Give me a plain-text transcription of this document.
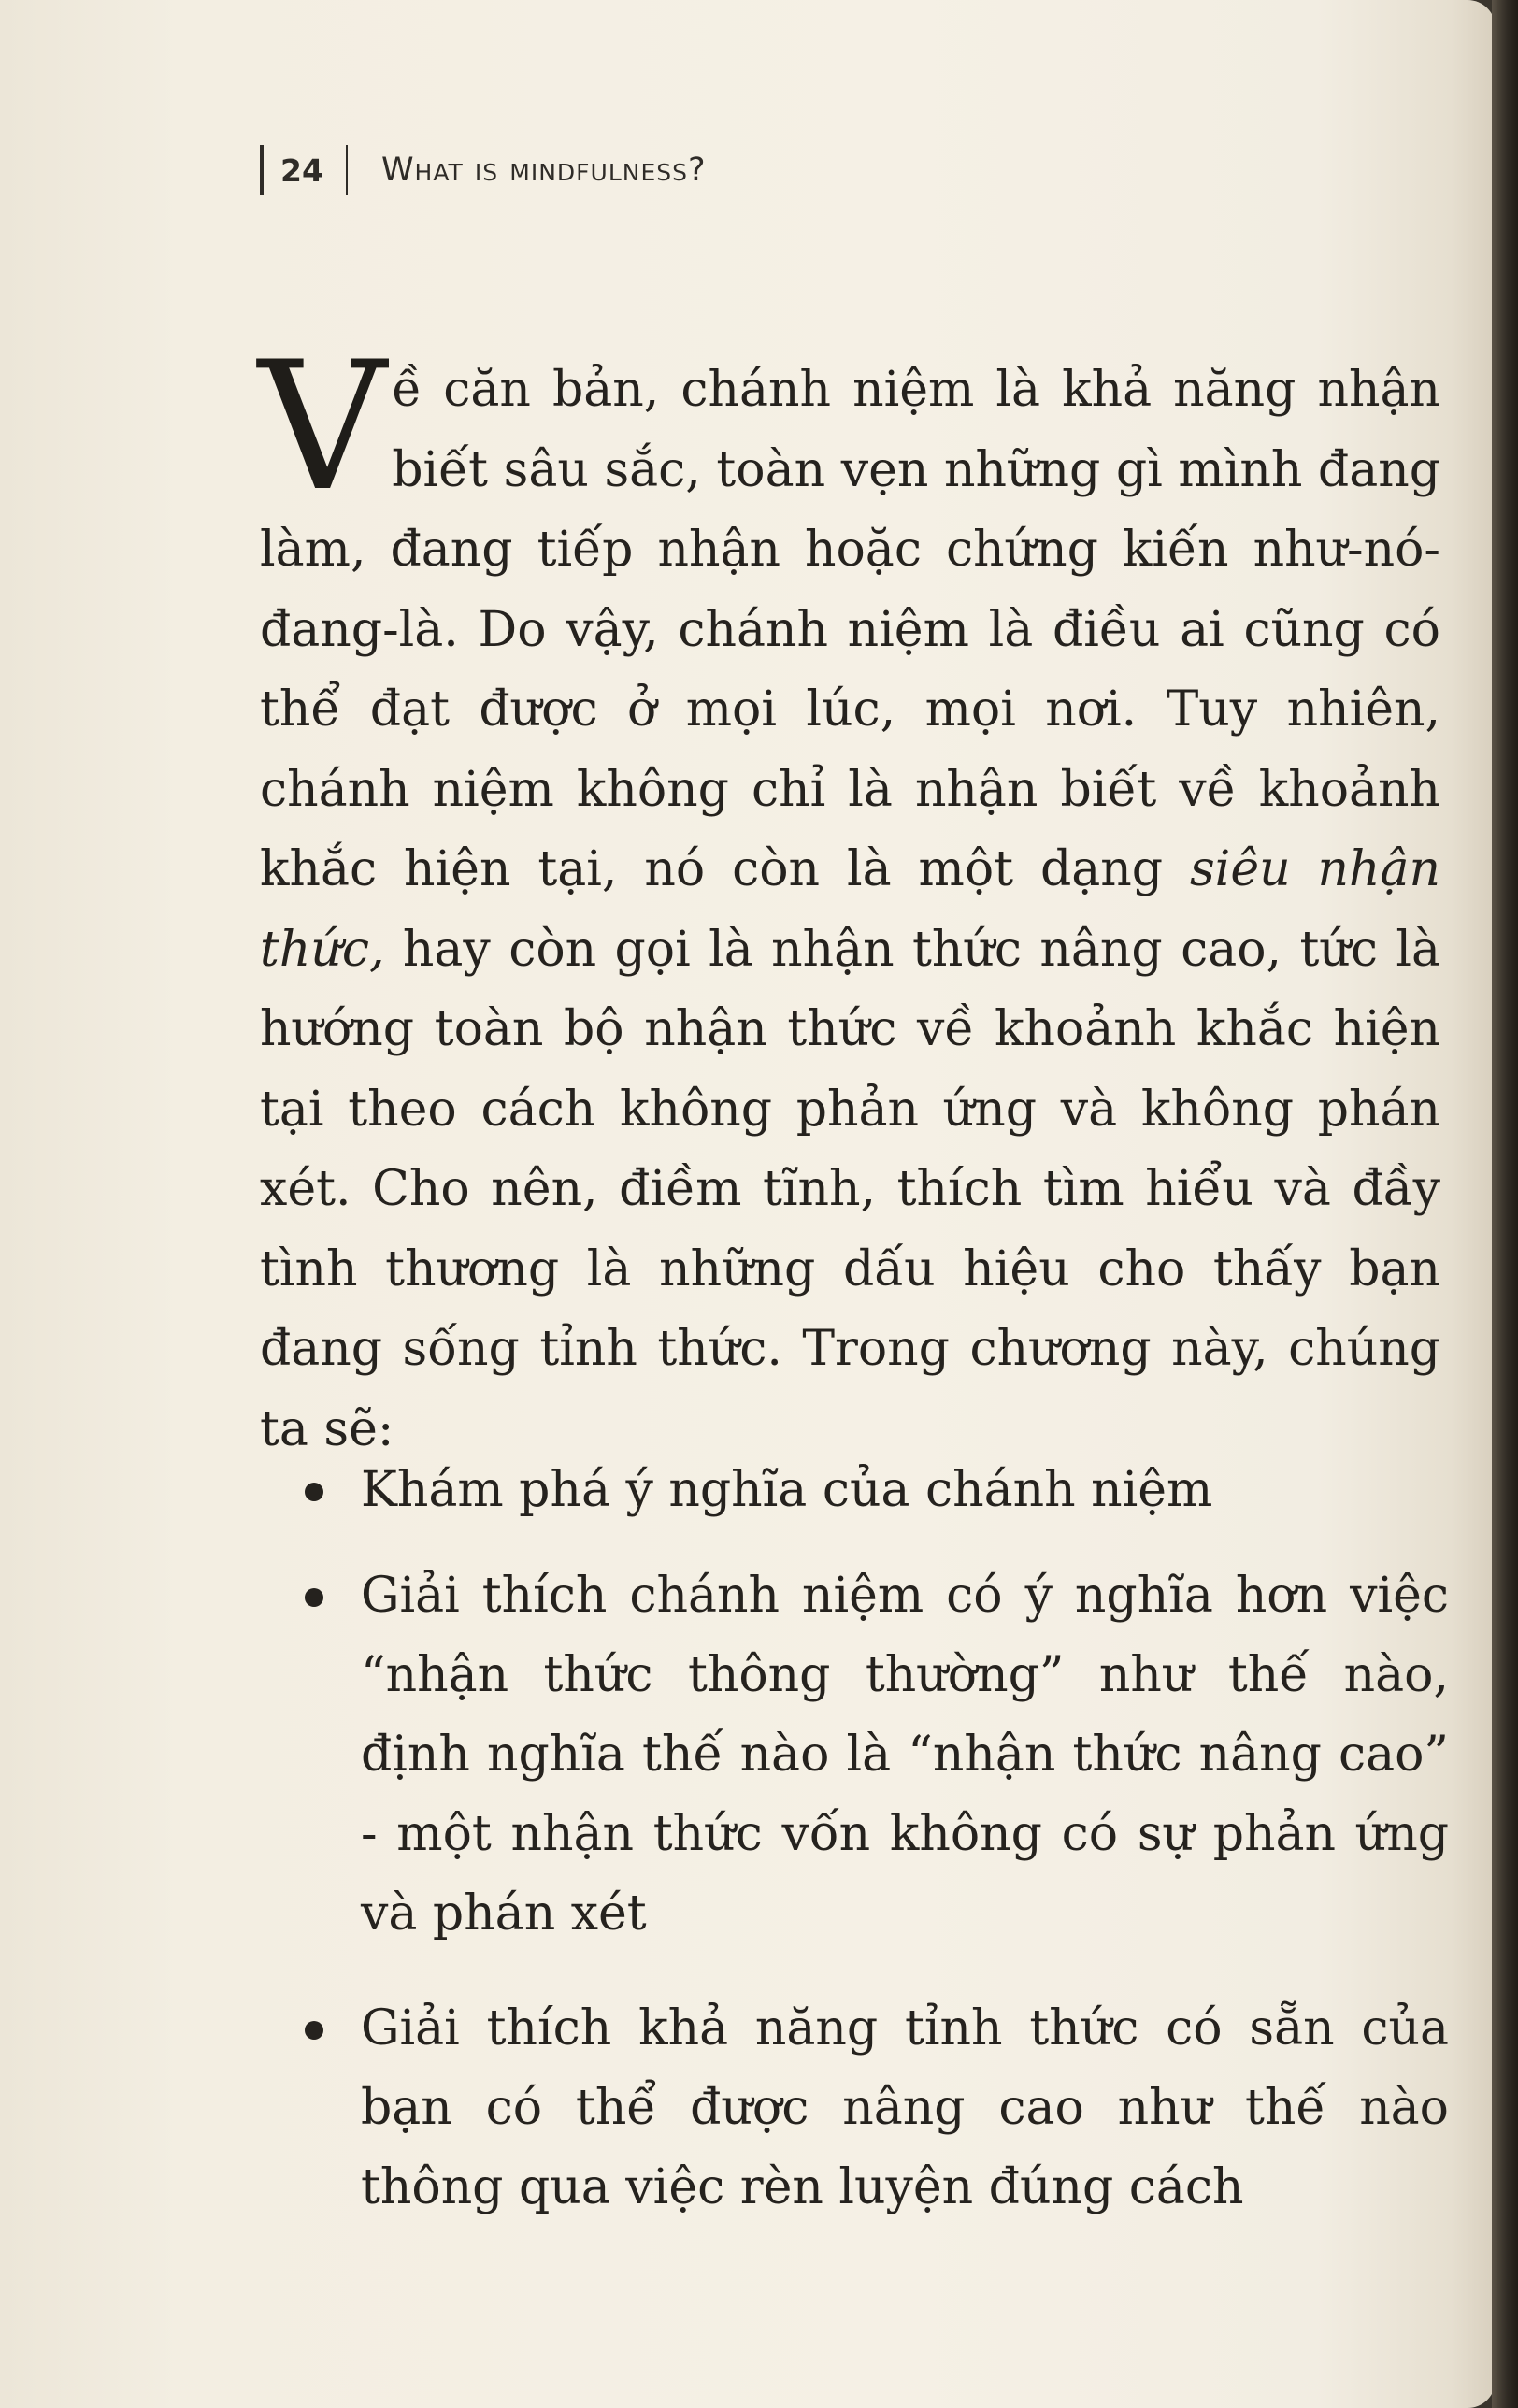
24 What is mindfulness?
Về căn bản, chánh niệm là khả năng nhận biết sâu sắc, toàn vẹn những gì mình đang làm, đang tiếp nhận hoặc chứng kiến như-nó-đang-là. Do vậy, chánh niệm là điều ai cũng có thể đạt được ở mọi lúc, mọi nơi. Tuy nhiên, chánh niệm không chỉ là nhận biết về khoảnh khắc hiện tại, nó còn là một dạng siêu nhận thức, hay còn gọi là nhận thức nâng cao, tức là hướng toàn bộ nhận thức về khoảnh khắc hiện tại theo cách không phản ứng và không phán xét. Cho nên, điềm tĩnh, thích tìm hiểu và đầy tình thương là những dấu hiệu cho thấy bạn đang sống tỉnh thức. Trong chương này, chúng ta sẽ:
Khám phá ý nghĩa của chánh niệm
Giải thích chánh niệm có ý nghĩa hơn việc “nhận thức thông thường” như thế nào, định nghĩa thế nào là “nhận thức nâng cao” - một nhận thức vốn không có sự phản ứng và phán xét
Giải thích khả năng tỉnh thức có sẵn của bạn có thể được nâng cao như thế nào thông qua việc rèn luyện đúng cách
